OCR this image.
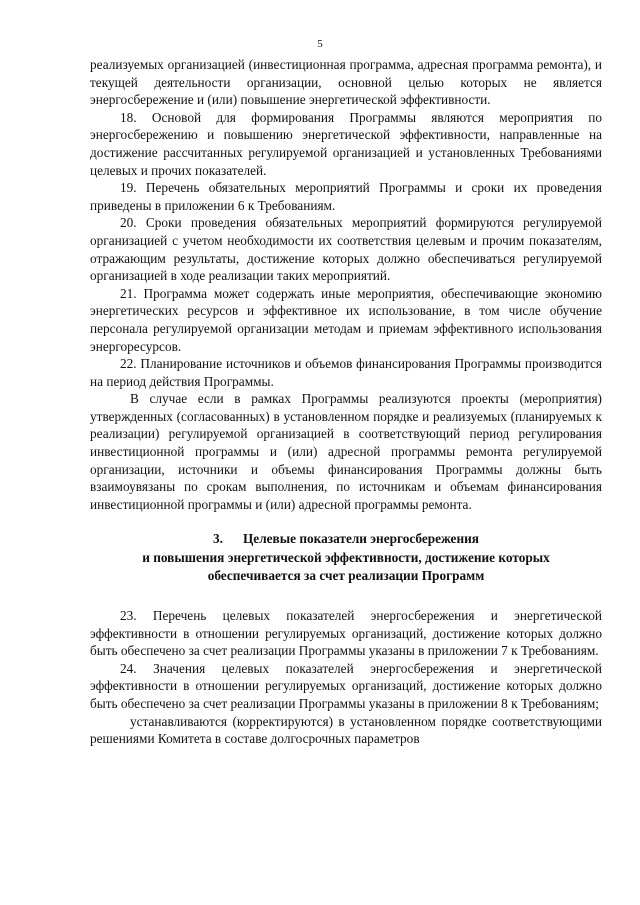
5

реализуемых организацией (инвестиционная программа, адресная программа ремонта), и текущей деятельности организации, основной целью которых не является энергосбережение и (или) повышение энергетической эффективности.

18. Основой для формирования Программы являются мероприятия по энергосбережению и повышению энергетической эффективности, направленные на достижение рассчитанных регулируемой организацией и установленных Требованиями целевых и прочих показателей.

19. Перечень обязательных мероприятий Программы и сроки их проведения приведены в приложении 6 к Требованиям.

20. Сроки проведения обязательных мероприятий формируются регулируемой организацией с учетом необходимости их соответствия целевым и прочим показателям, отражающим результаты, достижение которых должно обеспечиваться регулируемой организацией в ходе реализации таких мероприятий.

21. Программа может содержать иные мероприятия, обеспечивающие экономию энергетических ресурсов и эффективное их использование, в том числе обучение персонала регулируемой организации методам и приемам эффективного использования энергоресурсов.

22. Планирование источников и объемов финансирования Программы производится на период действия Программы.

В случае если в рамках Программы реализуются проекты (мероприятия) утвержденных (согласованных) в установленном порядке и реализуемых (планируемых к реализации) регулируемой организацией в соответствующий период регулирования инвестиционной программы и (или) адресной программы ремонта регулируемой организации, источники и объемы финансирования Программы должны быть взаимоувязаны по срокам выполнения, по источникам и объемам финансирования инвестиционной программы и (или) адресной программы ремонта.

3.      Целевые показатели энергосбережения
и повышения энергетической эффективности, достижение которых
обеспечивается за счет реализации Программ

23. Перечень целевых показателей энергосбережения и энергетической эффективности в отношении регулируемых организаций, достижение которых должно быть обеспечено за счет реализации Программы указаны в приложении 7 к Требованиям.

24. Значения целевых показателей энергосбережения и энергетической эффективности в отношении регулируемых организаций, достижение которых должно быть обеспечено за счет реализации Программы указаны в приложении 8 к Требованиям;

устанавливаются (корректируются) в установленном порядке соответствующими решениями Комитета в составе долгосрочных параметров
